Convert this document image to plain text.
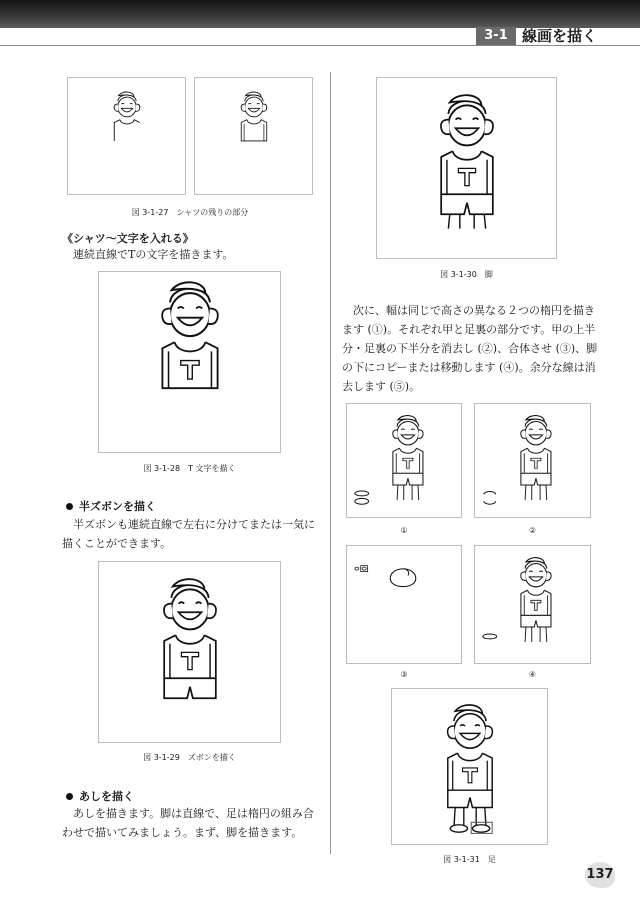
3-1 線画を描く
図 3-1-27　シャツの残りの部分
《シャツ～文字を入れる》
連続直線でTの文字を描きます。
図 3-1-28　T 文字を描く
半ズボンを描く
半ズボンも連続直線で左右に分けてまたは一気に描くことができます。
図 3-1-29　ズボンを描く
あしを描く
あしを描きます。脚は直線で、足は楕円の組み合わせで描いてみましょう。まず、脚を描きます。
図 3-1-30　脚
次に、幅は同じで高さの異なる２つの楕円を描きます (①)。それぞれ甲と足裏の部分です。甲の上半分・足裏の下半分を消去し (②)、合体させ (③)、脚の下にコピーまたは移動します (④)。余分な線は消去します (⑤)。
①	②
③	④
図 3-1-31　足
137
